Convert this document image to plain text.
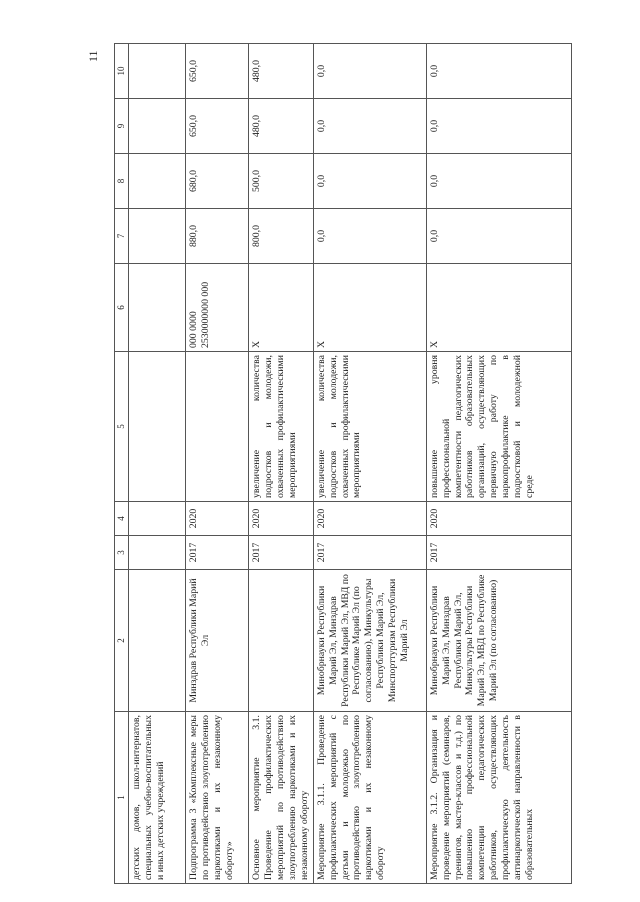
11
1	2	3	4	5	6	7	8	9	10
детских домов, школ-интернатов, специальных учебно-воспитательных и иных детских учреждений									
Подпрограмма 3 «Комплексные меры по противодействию злоупотреблению наркотиками и их незаконному обороту»	Минздрав Республики Марий Эл	2017	2020		000 0000 2530000000 000	880,0	680,0	650,0	650,0
Основное мероприятие 3.1. Проведение профилактических мероприятий по противодействию злоупотреблению наркотиками и их незаконному обороту		2017	2020	увеличение количества подростков и молодежи, охваченных профилактическими мероприятиями	X	800,0	500,0	480,0	480,0
Мероприятие 3.1.1. Проведение профилактических мероприятий с детьми и молодежью по противодействию злоупотреблению наркотиками и их незаконному обороту	Минобрнауки Республики Марий Эл, Минздрав Республики Марий Эл, МВД по Республике Марий Эл (по согласованию), Минкультуры Республики Марий Эл, Минспорттуризм Республики Марий Эл	2017	2020	увеличение количества подростков и молодежи, охваченных профилактическими мероприятиями	X	0,0	0,0	0,0	0,0
Мероприятие 3.1.2. Организация и проведение мероприятий (семинаров, тренингов, мастер-классов и т.д.) по повышению профессиональной компетенции педагогических работников, осуществляющих профилактическую деятельность антинаркотической направленности в образовательных	Минобрнауки Республики Марий Эл, Минздрав Республики Марий Эл, Минкультуры Республики Марий Эл, МВД по Республике Марий Эл (по согласованию)	2017	2020	повышение уровня профессиональной компетентности педагогических работников образовательных организаций, осуществляющих первичную работу по наркопрофилактике в подростковой и молодежной среде	X	0,0	0,0	0,0	0,0
